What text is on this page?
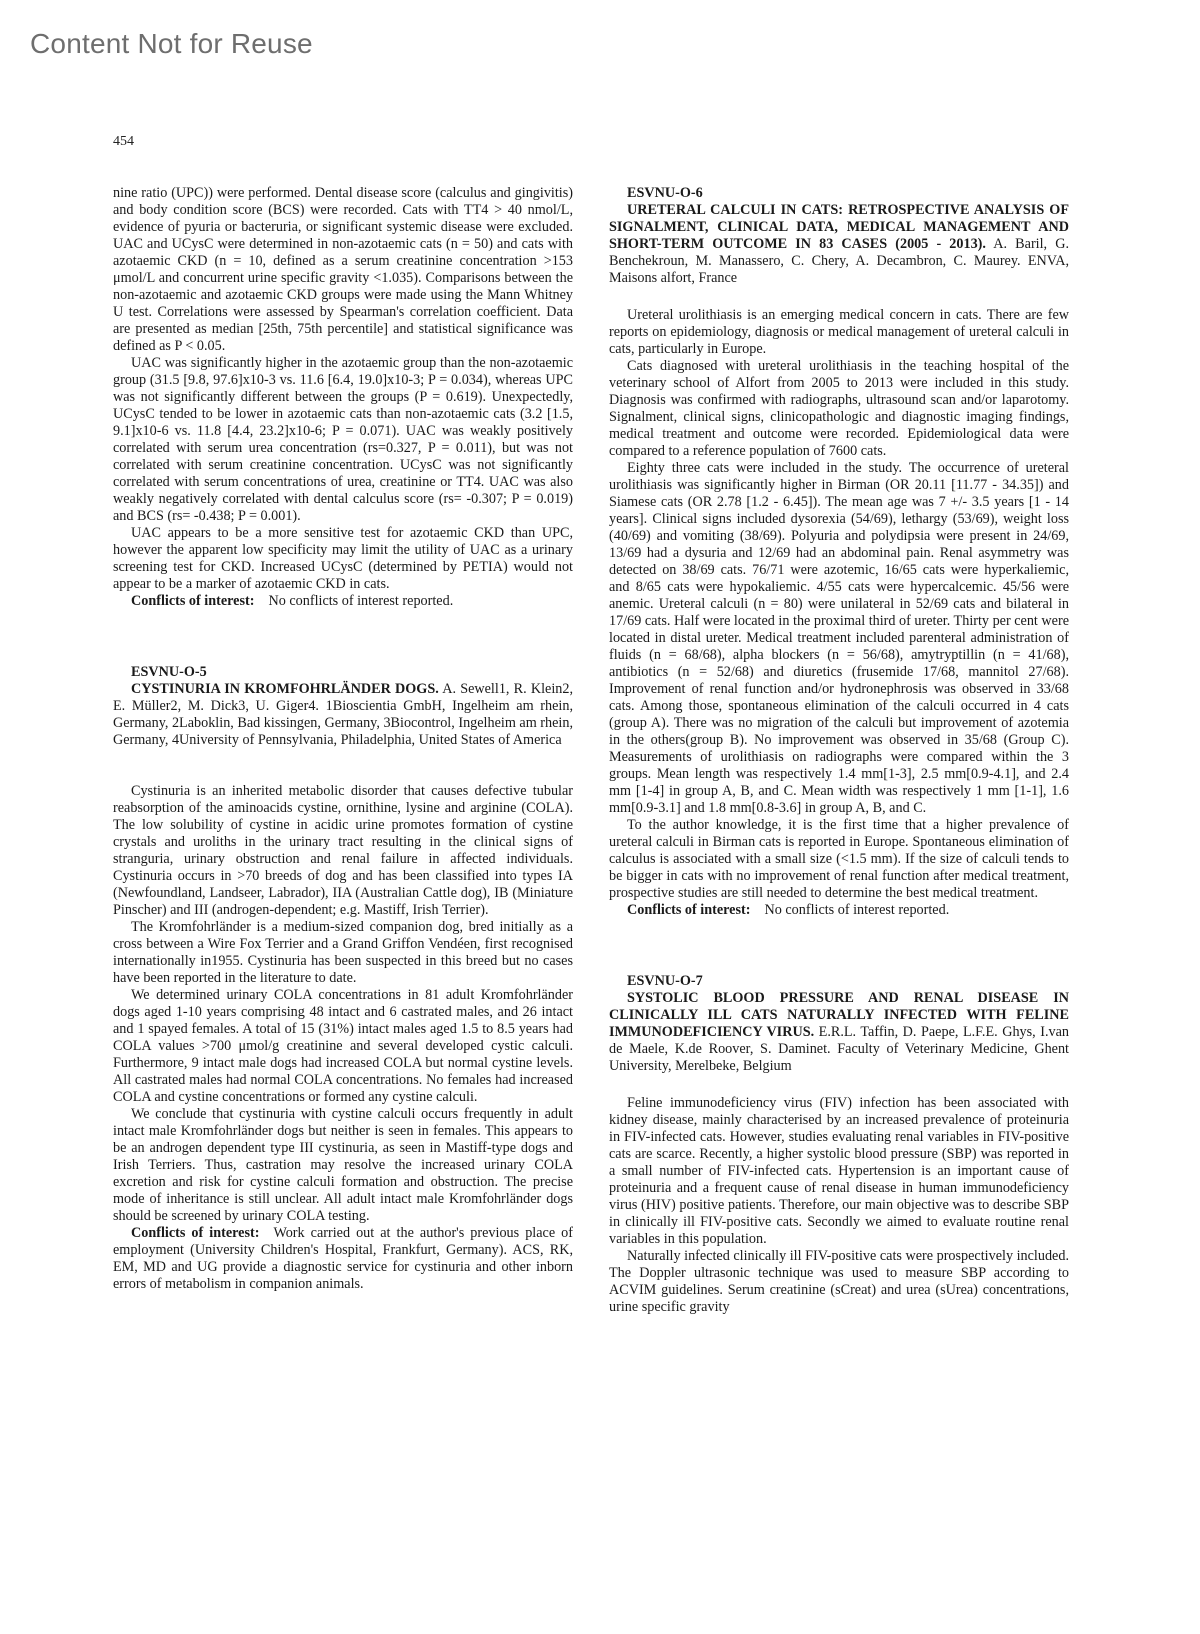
Content Not for Reuse
454

nine ratio (UPC)) were performed. Dental disease score (calculus and gingivitis) and body condition score (BCS) were recorded. Cats with TT4 > 40 nmol/L, evidence of pyuria or bacteruria, or significant systemic disease were excluded. UAC and UCysC were determined in non-azotaemic cats (n = 50) and cats with azotaemic CKD (n = 10, defined as a serum creatinine concentration >153 μmol/L and concurrent urine specific gravity <1.035). Comparisons between the non-azotaemic and azotaemic CKD groups were made using the Mann Whitney U test. Correlations were assessed by Spearman's correlation coefficient. Data are presented as median [25th, 75th percentile] and statistical significance was defined as P < 0.05.

UAC was significantly higher in the azotaemic group than the non-azotaemic group (31.5 [9.8, 97.6]x10-3 vs. 11.6 [6.4, 19.0]x10-3; P = 0.034), whereas UPC was not significantly different between the groups (P = 0.619). Unexpectedly, UCysC tended to be lower in azotaemic cats than non-azotaemic cats (3.2 [1.5, 9.1]x10-6 vs. 11.8 [4.4, 23.2]x10-6; P = 0.071). UAC was weakly positively correlated with serum urea concentration (rs=0.327, P = 0.011), but was not correlated with serum creatinine concentration. UCysC was not significantly correlated with serum concentrations of urea, creatinine or TT4. UAC was also weakly negatively correlated with dental calculus score (rs= -0.307; P = 0.019) and BCS (rs= -0.438; P = 0.001).

UAC appears to be a more sensitive test for azotaemic CKD than UPC, however the apparent low specificity may limit the utility of UAC as a urinary screening test for CKD. Increased UCysC (determined by PETIA) would not appear to be a marker of azotaemic CKD in cats.

Conflicts of interest: No conflicts of interest reported.

ESVNU-O-5

CYSTINURIA IN KROMFOHRLÄNDER DOGS. A. Sewell1, R. Klein2, E. Müller2, M. Dick3, U. Giger4. 1Bioscientia GmbH, Ingelheim am rhein, Germany, 2Laboklin, Bad kissingen, Germany, 3Biocontrol, Ingelheim am rhein, Germany, 4University of Pennsylvania, Philadelphia, United States of America

Cystinuria is an inherited metabolic disorder that causes defective tubular reabsorption of the aminoacids cystine, ornithine, lysine and arginine (COLA). The low solubility of cystine in acidic urine promotes formation of cystine crystals and uroliths in the urinary tract resulting in the clinical signs of stranguria, urinary obstruction and renal failure in affected individuals. Cystinuria occurs in >70 breeds of dog and has been classified into types IA (Newfoundland, Landseer, Labrador), IIA (Australian Cattle dog), IB (Miniature Pinscher) and III (androgen-dependent; e.g. Mastiff, Irish Terrier).

The Kromfohrländer is a medium-sized companion dog, bred initially as a cross between a Wire Fox Terrier and a Grand Griffon Vendéen, first recognised internationally in1955. Cystinuria has been suspected in this breed but no cases have been reported in the literature to date.

We determined urinary COLA concentrations in 81 adult Kromfohrländer dogs aged 1-10 years comprising 48 intact and 6 castrated males, and 26 intact and 1 spayed females. A total of 15 (31%) intact males aged 1.5 to 8.5 years had COLA values >700 μmol/g creatinine and several developed cystic calculi. Furthermore, 9 intact male dogs had increased COLA but normal cystine levels. All castrated males had normal COLA concentrations. No females had increased COLA and cystine concentrations or formed any cystine calculi.

We conclude that cystinuria with cystine calculi occurs frequently in adult intact male Kromfohrländer dogs but neither is seen in females. This appears to be an androgen dependent type III cystinuria, as seen in Mastiff-type dogs and Irish Terriers. Thus, castration may resolve the increased urinary COLA excretion and risk for cystine calculi formation and obstruction. The precise mode of inheritance is still unclear. All adult intact male Kromfohrländer dogs should be screened by urinary COLA testing.

Conflicts of interest: Work carried out at the author's previous place of employment (University Children's Hospital, Frankfurt, Germany). ACS, RK, EM, MD and UG provide a diagnostic service for cystinuria and other inborn errors of metabolism in companion animals.

ESVNU-O-6

URETERAL CALCULI IN CATS: RETROSPECTIVE ANALYSIS OF SIGNALMENT, CLINICAL DATA, MEDICAL MANAGEMENT AND SHORT-TERM OUTCOME IN 83 CASES (2005 - 2013). A. Baril, G. Benchekroun, M. Manassero, C. Chery, A. Decambron, C. Maurey. ENVA, Maisons alfort, France

Ureteral urolithiasis is an emerging medical concern in cats. There are few reports on epidemiology, diagnosis or medical management of ureteral calculi in cats, particularly in Europe.

Cats diagnosed with ureteral urolithiasis in the teaching hospital of the veterinary school of Alfort from 2005 to 2013 were included in this study. Diagnosis was confirmed with radiographs, ultrasound scan and/or laparotomy. Signalment, clinical signs, clinicopathologic and diagnostic imaging findings, medical treatment and outcome were recorded. Epidemiological data were compared to a reference population of 7600 cats.

Eighty three cats were included in the study. The occurrence of ureteral urolithiasis was significantly higher in Birman (OR 20.11 [11.77 - 34.35]) and Siamese cats (OR 2.78 [1.2 - 6.45]). The mean age was 7 +/- 3.5 years [1 - 14 years]. Clinical signs included dysorexia (54/69), lethargy (53/69), weight loss (40/69) and vomiting (38/69). Polyuria and polydipsia were present in 24/69, 13/69 had a dysuria and 12/69 had an abdominal pain. Renal asymmetry was detected on 38/69 cats. 76/71 were azotemic, 16/65 cats were hyperkaliemic, and 8/65 cats were hypokaliemic. 4/55 cats were hypercalcemic. 45/56 were anemic. Ureteral calculi (n = 80) were unilateral in 52/69 cats and bilateral in 17/69 cats. Half were located in the proximal third of ureter. Thirty per cent were located in distal ureter. Medical treatment included parenteral administration of fluids (n = 68/68), alpha blockers (n = 56/68), amytryptillin (n = 41/68), antibiotics (n = 52/68) and diuretics (frusemide 17/68, mannitol 27/68). Improvement of renal function and/or hydronephrosis was observed in 33/68 cats. Among those, spontaneous elimination of the calculi occurred in 4 cats (group A). There was no migration of the calculi but improvement of azotemia in the others(group B). No improvement was observed in 35/68 (Group C). Measurements of urolithiasis on radiographs were compared within the 3 groups. Mean length was respectively 1.4 mm[1-3], 2.5 mm[0.9-4.1], and 2.4 mm [1-4] in group A, B, and C. Mean width was respectively 1 mm [1-1], 1.6 mm[0.9-3.1] and 1.8 mm[0.8-3.6] in group A, B, and C.

To the author knowledge, it is the first time that a higher prevalence of ureteral calculi in Birman cats is reported in Europe. Spontaneous elimination of calculus is associated with a small size (<1.5 mm). If the size of calculi tends to be bigger in cats with no improvement of renal function after medical treatment, prospective studies are still needed to determine the best medical treatment.

Conflicts of interest: No conflicts of interest reported.

ESVNU-O-7

SYSTOLIC BLOOD PRESSURE AND RENAL DISEASE IN CLINICALLY ILL CATS NATURALLY INFECTED WITH FELINE IMMUNODEFICIENCY VIRUS. E.R.L. Taffin, D. Paepe, L.F.E. Ghys, I.van de Maele, K.de Roover, S. Daminet. Faculty of Veterinary Medicine, Ghent University, Merelbeke, Belgium

Feline immunodeficiency virus (FIV) infection has been associated with kidney disease, mainly characterised by an increased prevalence of proteinuria in FIV-infected cats. However, studies evaluating renal variables in FIV-positive cats are scarce. Recently, a higher systolic blood pressure (SBP) was reported in a small number of FIV-infected cats. Hypertension is an important cause of proteinuria and a frequent cause of renal disease in human immunodeficiency virus (HIV) positive patients. Therefore, our main objective was to describe SBP in clinically ill FIV-positive cats. Secondly we aimed to evaluate routine renal variables in this population.

Naturally infected clinically ill FIV-positive cats were prospectively included. The Doppler ultrasonic technique was used to measure SBP according to ACVIM guidelines. Serum creatinine (sCreat) and urea (sUrea) concentrations, urine specific gravity
